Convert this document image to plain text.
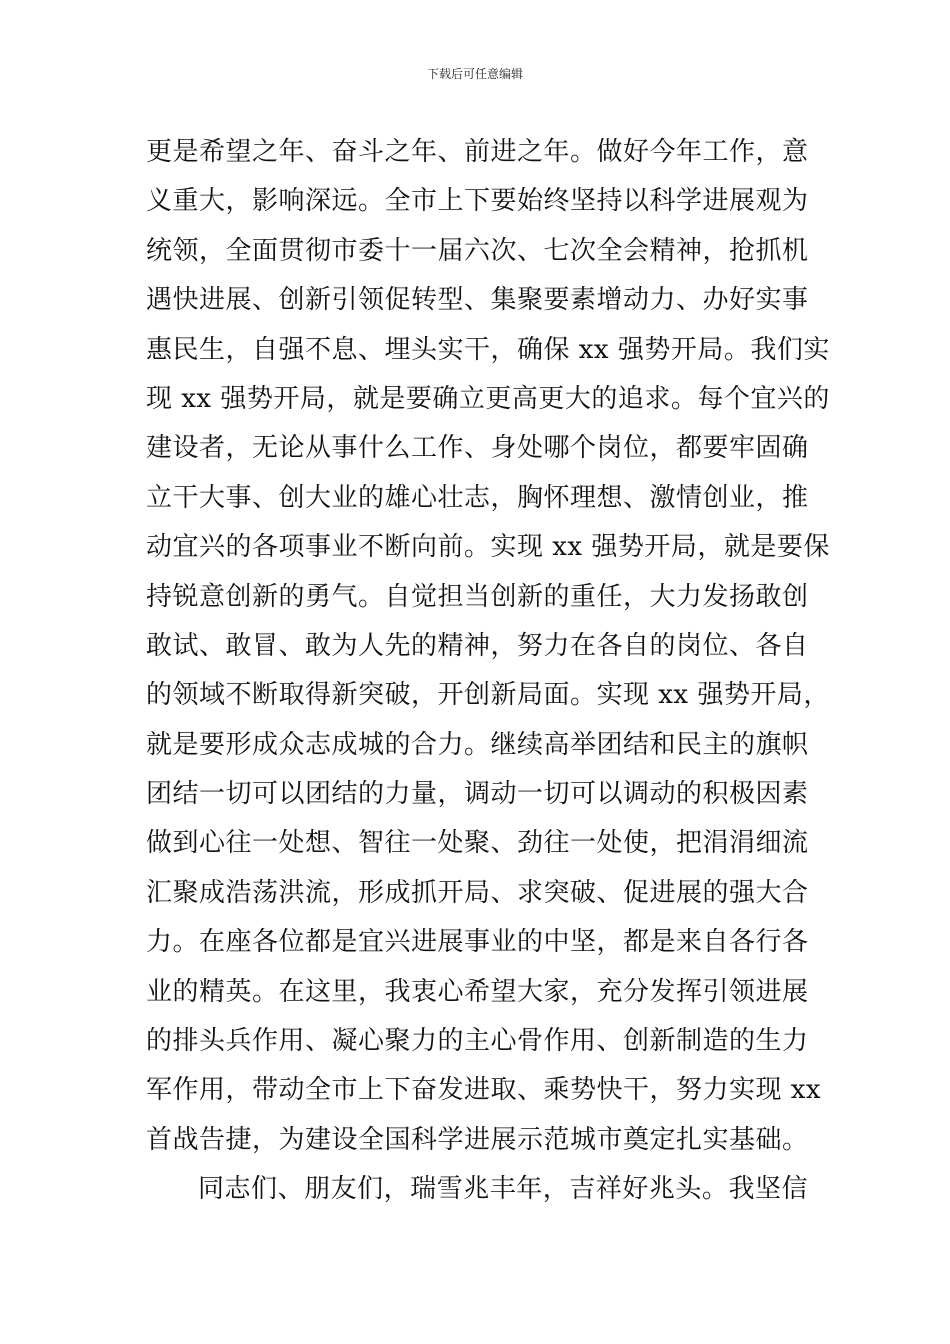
下载后可任意编辑
更是希望之年、奋斗之年、前进之年。做好今年工作，意
义重大，影响深远。全市上下要始终坚持以科学进展观为
统领，全面贯彻市委十一届六次、七次全会精神，抢抓机
遇快进展、创新引领促转型、集聚要素增动力、办好实事
惠民生，自强不息、埋头实干，确保 xx 强势开局。我们实
现 xx 强势开局，就是要确立更高更大的追求。每个宜兴的
建设者，无论从事什么工作、身处哪个岗位，都要牢固确
立干大事、创大业的雄心壮志，胸怀理想、激情创业，推
动宜兴的各项事业不断向前。实现 xx 强势开局，就是要保
持锐意创新的勇气。自觉担当创新的重任，大力发扬敢创
敢试、敢冒、敢为人先的精神，努力在各自的岗位、各自
的领域不断取得新突破，开创新局面。实现 xx 强势开局，
就是要形成众志成城的合力。继续高举团结和民主的旗帜
团结一切可以团结的力量，调动一切可以调动的积极因素
做到心往一处想、智往一处聚、劲往一处使，把涓涓细流
汇聚成浩荡洪流，形成抓开局、求突破、促进展的强大合
力。在座各位都是宜兴进展事业的中坚，都是来自各行各
业的精英。在这里，我衷心希望大家，充分发挥引领进展
的排头兵作用、凝心聚力的主心骨作用、创新制造的生力
军作用，带动全市上下奋发进取、乘势快干，努力实现 xx
首战告捷，为建设全国科学进展示范城市奠定扎实基础。
同志们、朋友们，瑞雪兆丰年，吉祥好兆头。我坚信
